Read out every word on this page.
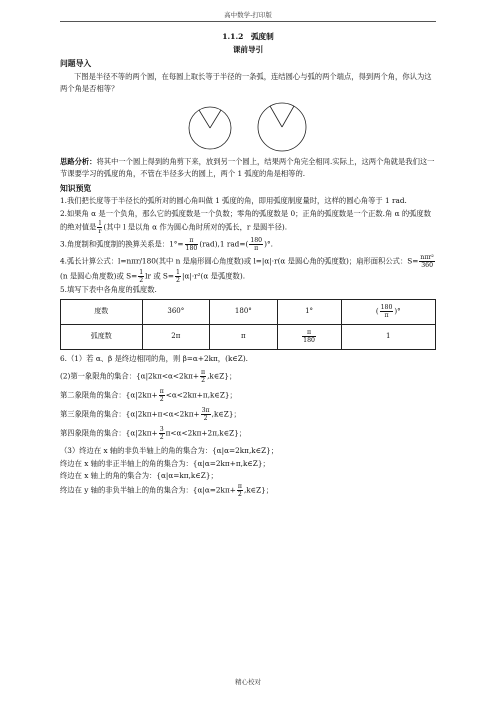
高中数学-打印版
1.1.2　弧度制
课前导引
问题导入
下图是半径不等的两个圆，在每圆上取长等于半径的一条弧，连结圆心与弧的两个端点，得到两个角，你认为这两个角是否相等？
思路分析：将其中一个圆上得到的角剪下来，放到另一个圆上，结果两个角完全相同.实际上，这两个角就是我们这一节课要学习的弧度的角，不管在半径多大的圆上，两个 1 弧度的角是相等的.
知识预览
1.我们把长度等于半径长的弧所对的圆心角叫做 1 弧度的角，即用弧度制度量时，这样的圆心角等于 1 rad.
2.如果角 α 是一个负角，那么它的弧度数是一个负数；零角的弧度数是 0；正角的弧度数是一个正数.角 α 的弧度数的绝对值是 $\frac{l}{r}$ (其中 l 是以角 α 作为圆心角时所对的弧长，r 是圆半径).
3.角度制和弧度制的换算关系是：$1^\circ= \frac{\pi}{180} (rad),1$ $rad=( \frac{180}{\pi}$ )°.
4.弧长计算公式：l=nπr/180(其中 n 是扇形圆心角度数)或 l=|α|·r(α 是圆心角的弧度数)；扇形面积公式：$S= \frac{\text{nπr²}}{360}$
(n 是圆心角度数)或 $S= \frac{1}{2}$ lr 或 $S= \frac{1}{2} |\alpha|\cdot r^2(\alpha$ 是弧度数).
5.填写下表中各角度的弧度数.
度数	360°	180°	1°	( $\frac{180}{\pi}$ )°
弧度数	2π	π	$\frac{\pi}{180}$	1
6.（1）若 α、β 是终边相同的角，则 β=α+2kπ，(k∈Z).
(2)第一象限角的集合：{$\alpha|2k\pi<\alpha<2k\pi+ \frac{\pi}{2}$ ,k∈Z}；
第二象限角的集合：{$\alpha|2k\pi+ \frac{\pi}{2}$ <α<2kπ+π,k∈Z}；
第三象限角的集合：{$\alpha|2k\pi+\pi<\alpha<2k\pi+ \frac{3\pi}{2}$ ,k∈Z}；
第四象限角的集合：{$\alpha|2k\pi+ \frac{3}{2}$ π<α<2kπ+2π,k∈Z}；
（3）终边在 x 轴的非负半轴上的角的集合为：{α|α=2kπ,k∈Z}；
终边在 x 轴的非正半轴上的角的集合为：{α|α=2kπ+π,k∈Z}；
终边在 x 轴上的角的集合为：{α|α=kπ,k∈Z}；
终边在 y 轴的非负半轴上的角的集合为：{$\alpha|\alpha=2k\pi+ \frac{\pi}{2}$ ,k∈Z}；
精心校对
